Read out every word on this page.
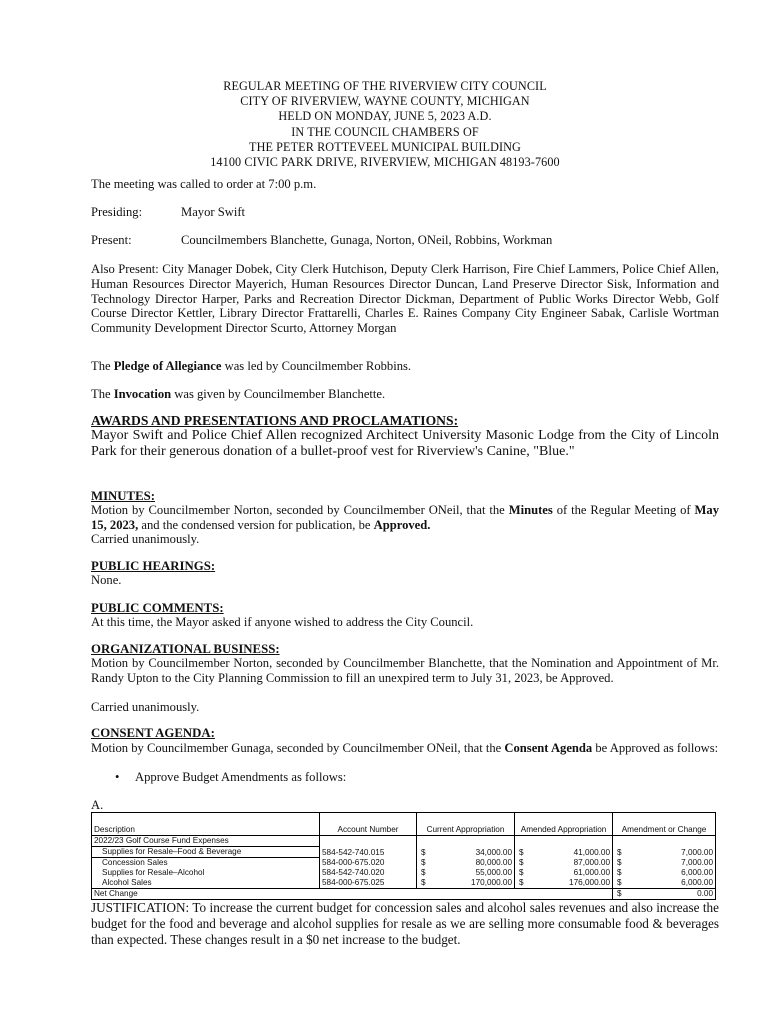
REGULAR MEETING OF THE RIVERVIEW CITY COUNCIL
CITY OF RIVERVIEW, WAYNE COUNTY, MICHIGAN
HELD ON MONDAY, JUNE 5, 2023 A.D.
IN THE COUNCIL CHAMBERS OF
THE PETER ROTTEVEEL MUNICIPAL BUILDING
14100 CIVIC PARK DRIVE, RIVERVIEW, MICHIGAN 48193-7600
The meeting was called to order at 7:00 p.m.
Presiding:	Mayor Swift
Present:	Councilmembers Blanchette, Gunaga, Norton, ONeil, Robbins, Workman
Also Present: City Manager Dobek, City Clerk Hutchison, Deputy Clerk Harrison, Fire Chief Lammers, Police Chief Allen, Human Resources Director Mayerich, Human Resources Director Duncan, Land Preserve Director Sisk, Information and Technology Director Harper, Parks and Recreation Director Dickman, Department of Public Works Director Webb, Golf Course Director Kettler, Library Director Frattarelli, Charles E. Raines Company City Engineer Sabak, Carlisle Wortman Community Development Director Scurto, Attorney Morgan
The Pledge of Allegiance was led by Councilmember Robbins.
The Invocation was given by Councilmember Blanchette.
AWARDS AND PRESENTATIONS AND PROCLAMATIONS:
Mayor Swift and Police Chief Allen recognized Architect University Masonic Lodge from the City of Lincoln Park for their generous donation of a bullet-proof vest for Riverview's Canine, "Blue."
MINUTES:
Motion by Councilmember Norton, seconded by Councilmember ONeil, that the Minutes of the Regular Meeting of May 15, 2023, and the condensed version for publication, be Approved.
Carried unanimously.
PUBLIC HEARINGS:
None.
PUBLIC COMMENTS:
At this time, the Mayor asked if anyone wished to address the City Council.
ORGANIZATIONAL BUSINESS:
Motion by Councilmember Norton, seconded by Councilmember Blanchette, that the Nomination and Appointment of Mr. Randy Upton to the City Planning Commission to fill an unexpired term to July 31, 2023, be Approved.
Carried unanimously.
CONSENT AGENDA:
Motion by Councilmember Gunaga, seconded by Councilmember ONeil, that the Consent Agenda be Approved as follows:
• Approve Budget Amendments as follows:
A.
Description	Account Number	Current Appropriation		Amended Appropriation		Amendment or Change	
2022/23 Golf Course Fund Expenses							
Supplies for Resale–Food & Beverage	584-542-740.015	$	34,000.00	$	41,000.00	$	7,000.00
Concession Sales	584-000-675.020	$	80,000.00	$	87,000.00	$	7,000.00
Supplies for Resale–Alcohol	584-542-740.020	$	55,000.00	$	61,000.00	$	6,000.00
Alcohol Sales	584-000-675.025	$	170,000.00	$	176,000.00	$	6,000.00
Net Change						$	0.00
JUSTIFICATION: To increase the current budget for concession sales and alcohol sales revenues and also increase the budget for the food and beverage and alcohol supplies for resale as we are selling more consumable food & beverages than expected. These changes result in a $0 net increase to the budget.
